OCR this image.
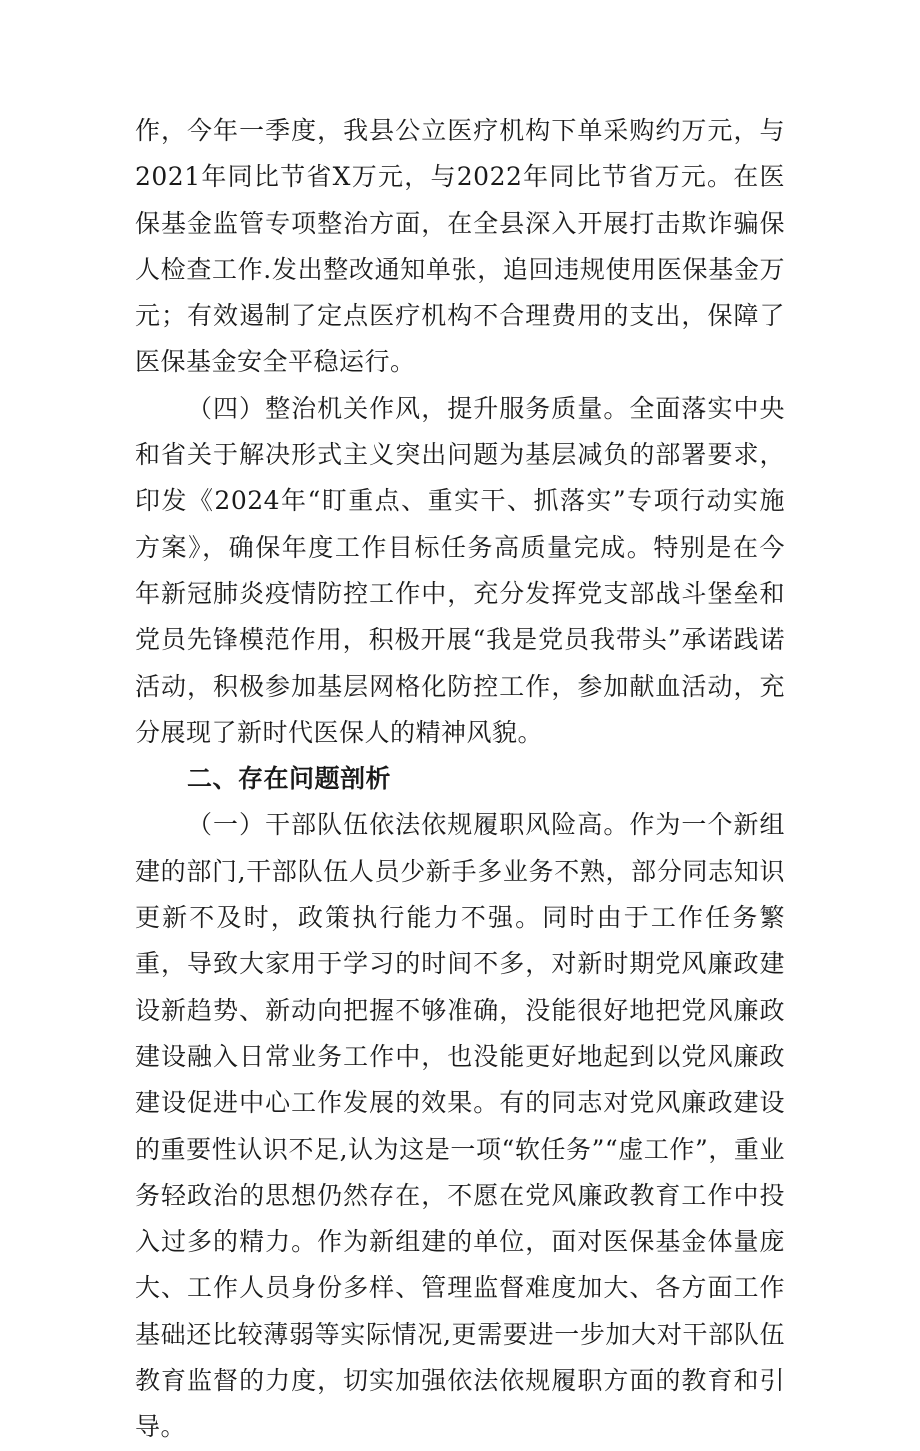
作，今年一季度，我县公立医疗机构下单采购约万元，与2021年同比节省X万元，与2022年同比节省万元。在医保基金监管专项整治方面，在全县深入开展打击欺诈骗保人检查工作.发出整改通知单张，追回违规使用医保基金万元；有效遏制了定点医疗机构不合理费用的支出，保障了医保基金安全平稳运行。

（四）整治机关作风，提升服务质量。全面落实中央和省关于解决形式主义突出问题为基层减负的部署要求，印发《2024年“盯重点、重实干、抓落实”专项行动实施方案》，确保年度工作目标任务高质量完成。特别是在今年新冠肺炎疫情防控工作中，充分发挥党支部战斗堡垒和党员先锋模范作用，积极开展“我是党员我带头”承诺践诺活动，积极参加基层网格化防控工作，参加献血活动，充分展现了新时代医保人的精神风貌。

二、存在问题剖析

（一）干部队伍依法依规履职风险高。作为一个新组建的部门,干部队伍人员少新手多业务不熟，部分同志知识更新不及时，政策执行能力不强。同时由于工作任务繁重，导致大家用于学习的时间不多，对新时期党风廉政建设新趋势、新动向把握不够准确，没能很好地把党风廉政建设融入日常业务工作中，也没能更好地起到以党风廉政建设促进中心工作发展的效果。有的同志对党风廉政建设的重要性认识不足,认为这是一项“软任务”“虚工作”，重业务轻政治的思想仍然存在，不愿在党风廉政教育工作中投入过多的精力。作为新组建的单位，面对医保基金体量庞大、工作人员身份多样、管理监督难度加大、各方面工作基础还比较薄弱等实际情况,更需要进一步加大对干部队伍教育监督的力度，切实加强依法依规履职方面的教育和引导。
